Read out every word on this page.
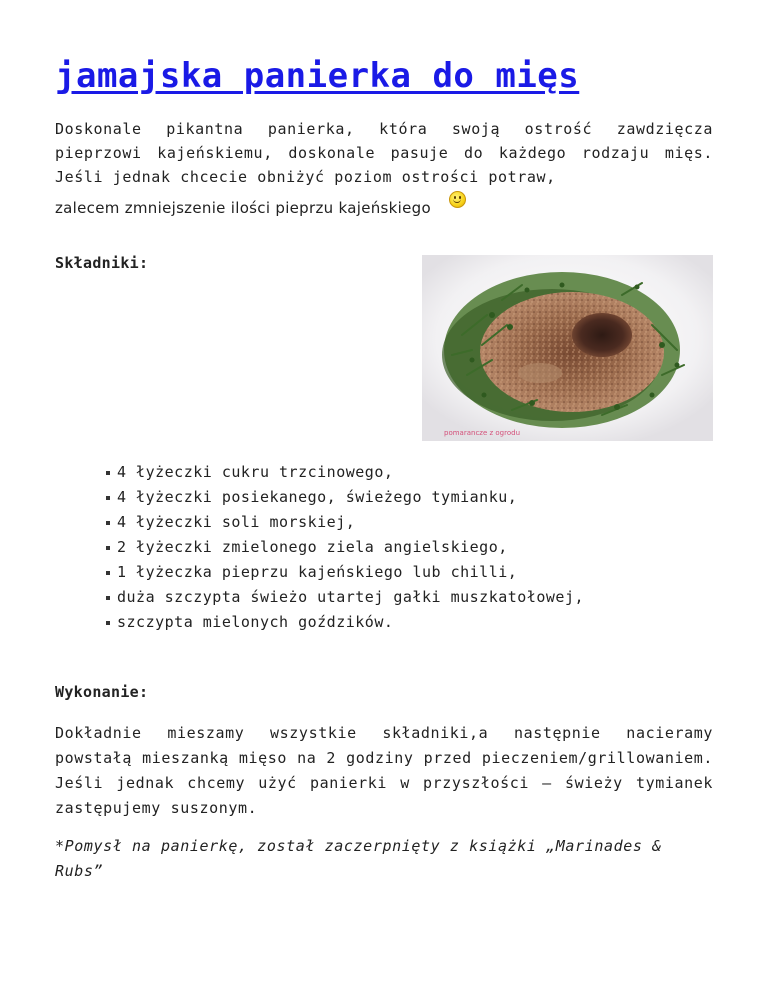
jamajska panierka do mięs

Doskonale pikantna panierka, która swoją ostrość zawdzięcza pieprzowi kajeńskiemu, doskonale pasuje do każdego rodzaju mięs. Jeśli jednak chcecie obniżyć poziom ostrości potraw,
zalecem zmniejszenie ilości pieprzu kajeńskiego

Składniki:
pomarancze z ogrodu
4 łyżeczki cukru trzcinowego,
4 łyżeczki posiekanego, świeżego tymianku,
4 łyżeczki soli morskiej,
2 łyżeczki zmielonego ziela angielskiego,
1 łyżeczka pieprzu kajeńskiego lub chilli,
duża szczypta świeżo utartej gałki muszkatołowej,
szczypta mielonych goździków.
Wykonanie:

Dokładnie mieszamy wszystkie składniki,a następnie nacieramy powstałą mieszanką mięso na 2 godziny przed pieczeniem/grillowaniem. Jeśli jednak chcemy użyć panierki w przyszłości – świeży tymianek zastępujemy suszonym.

*Pomysł na panierkę, został zaczerpnięty z książki „Marinades & Rubs”
